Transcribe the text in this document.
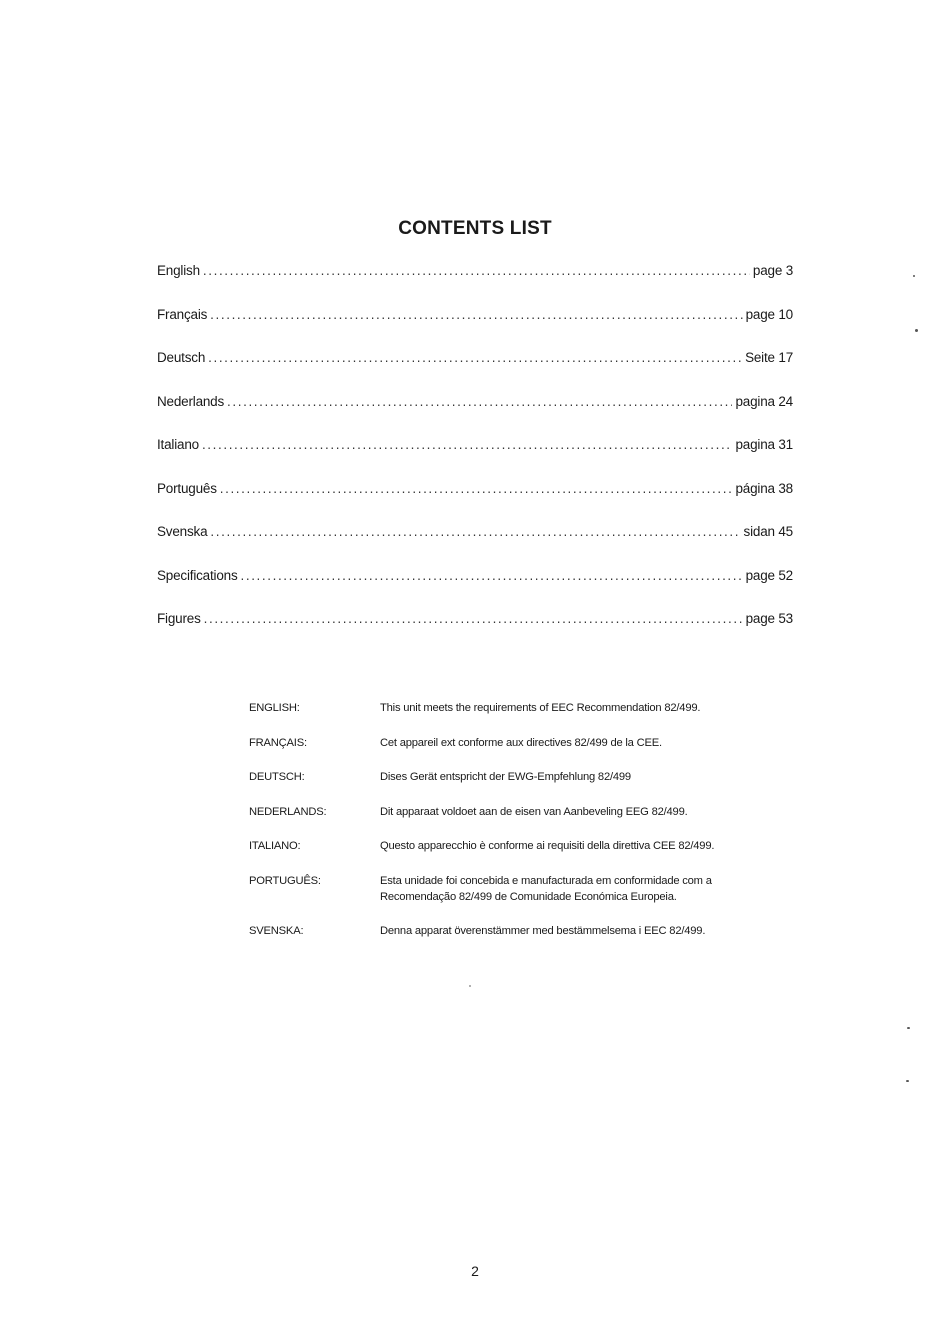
CONTENTS LIST
English .....	page 3
Français .....	page 10
Deutsch .....	Seite 17
Nederlands .....	pagina 24
Italiano .....	pagina 31
Português .....	página 38
Svenska .....	sidan 45
Specifications .....	page 52
Figures .....	page 53
ENGLISH:	This unit meets the requirements of EEC Recommendation 82/499.
FRANÇAIS:	Cet appareil ext conforme aux directives 82/499 de la CEE.
DEUTSCH:	Dises Gerät entspricht der EWG-Empfehlung 82/499
NEDERLANDS:	Dit apparaat voldoet aan de eisen van Aanbeveling EEG 82/499.
ITALIANO:	Questo apparecchio è conforme ai requisiti della direttiva CEE 82/499.
PORTUGUÊS:	Esta unidade foi concebida e manufacturada em conformidade com a Recomendação 82/499 de Comunidade Económica Europeia.
SVENSKA:	Denna apparat överenstämmer med bestämmelsema i EEC 82/499.
2
